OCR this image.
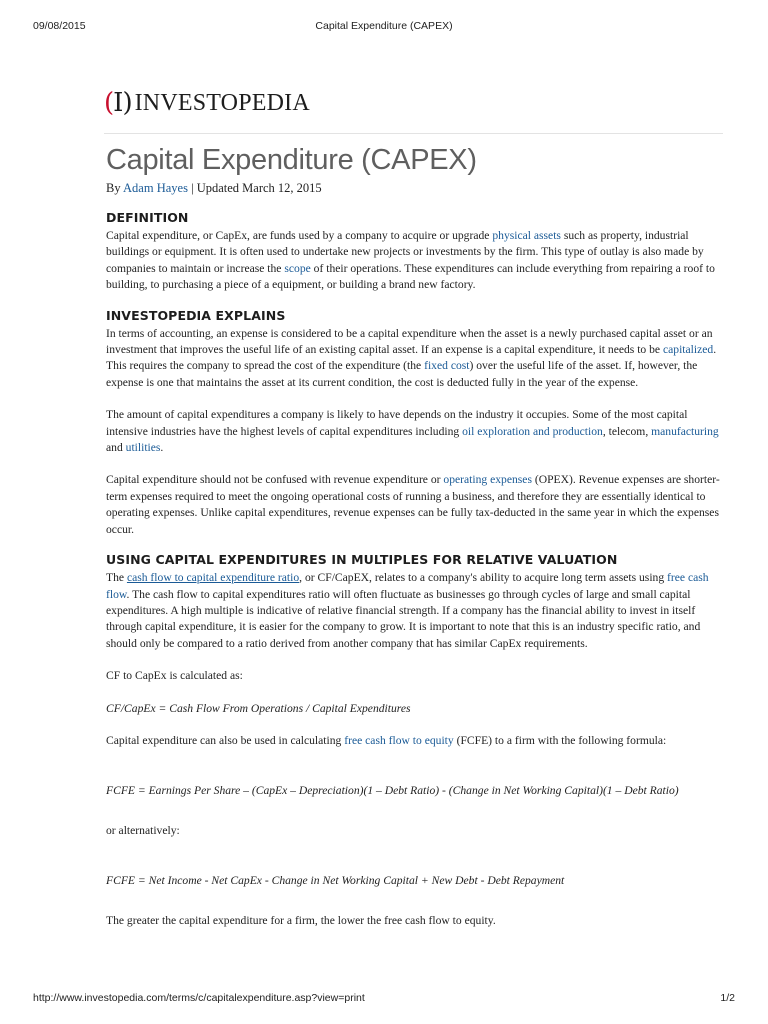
09/08/2015	Capital Expenditure (CAPEX)
(I) INVESTOPEDIA
Capital Expenditure (CAPEX)
By Adam Hayes | Updated March 12, 2015
DEFINITION

Capital expenditure, or CapEx, are funds used by a company to acquire or upgrade physical assets such as property, industrial buildings or equipment. It is often used to undertake new projects or investments by the firm. This type of outlay is also made by companies to maintain or increase the scope of their operations. These expenditures can include everything from repairing a roof to building, to purchasing a piece of a equipment, or building a brand new factory.

INVESTOPEDIA EXPLAINS

In terms of accounting, an expense is considered to be a capital expenditure when the asset is a newly purchased capital asset or an investment that improves the useful life of an existing capital asset. If an expense is a capital expenditure, it needs to be capitalized. This requires the company to spread the cost of the expenditure (the fixed cost) over the useful life of the asset. If, however, the expense is one that maintains the asset at its current condition, the cost is deducted fully in the year of the expense.

The amount of capital expenditures a company is likely to have depends on the industry it occupies. Some of the most capital intensive industries have the highest levels of capital expenditures including oil exploration and production, telecom, manufacturing and utilities.

Capital expenditure should not be confused with revenue expenditure or operating expenses (OPEX). Revenue expenses are shorter-term expenses required to meet the ongoing operational costs of running a business, and therefore they are essentially identical to operating expenses. Unlike capital expenditures, revenue expenses can be fully tax-deducted in the same year in which the expenses occur.

USING CAPITAL EXPENDITURES IN MULTIPLES FOR RELATIVE VALUATION

The cash flow to capital expenditure ratio, or CF/CapEX, relates to a company's ability to acquire long term assets using free cash flow. The cash flow to capital expenditures ratio will often fluctuate as businesses go through cycles of large and small capital expenditures. A high multiple is indicative of relative financial strength. If a company has the financial ability to invest in itself through capital expenditure, it is easier for the company to grow. It is important to note that this is an industry specific ratio, and should only be compared to a ratio derived from another company that has similar CapEx requirements.

CF to CapEx is calculated as:

CF/CapEx = Cash Flow From Operations / Capital Expenditures

Capital expenditure can also be used in calculating free cash flow to equity (FCFE) to a firm with the following formula:

FCFE = Earnings Per Share – (CapEx – Depreciation)(1 – Debt Ratio) - (Change in Net Working Capital)(1 – Debt Ratio)

or alternatively:

FCFE = Net Income - Net CapEx - Change in Net Working Capital + New Debt - Debt Repayment

The greater the capital expenditure for a firm, the lower the free cash flow to equity.

http://www.investopedia.com/terms/c/capitalexpenditure.asp?view=print	1/2
